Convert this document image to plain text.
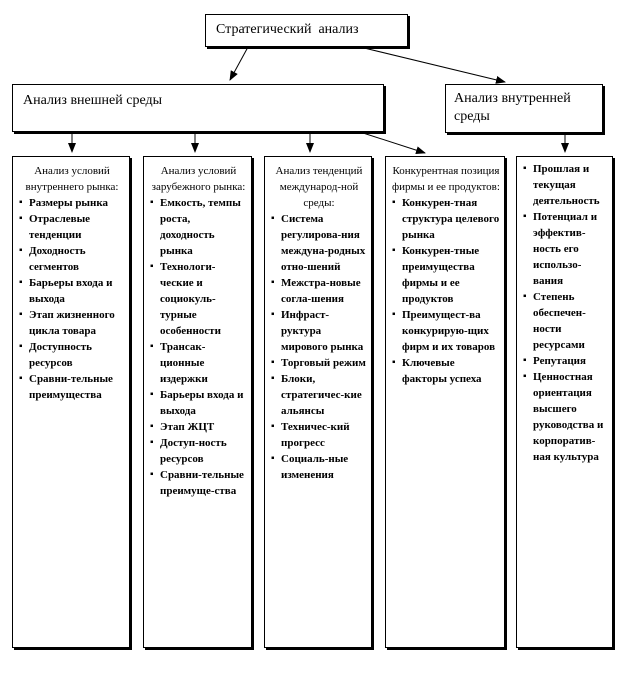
Стратегический  анализ
Анализ внешней среды	Анализ внутренней среды
Анализ условий внутреннего рынка:
▪ Размеры рынка
▪ Отраслевые тенденции
▪ Доходность сегментов
▪ Барьеры входа и выхода
▪ Этап жизненного цикла товара
▪ Доступность ресурсов
▪ Сравни-тельные преимущества
Анализ условий зарубежного рынка:
▪ Емкость, темпы роста, доходность рынка
▪ Технологи-ческие и социокуль-турные особенности
▪ Трансак-ционные издержки
▪ Барьеры входа и выхода
▪ Этап ЖЦТ
▪ Доступ-ность ресурсов
▪ Сравни-тельные преимуще-ства
Анализ тенденций международ-ной среды:
▪ Система регулирова-ния междуна-родных отно-шений
▪ Межстра-новые согла-шения
▪ Инфраст-руктура мирового рынка
▪ Торговый режим
▪ Блоки, стратегичес-кие альянсы
▪ Техничес-кий прогресс
▪ Социаль-ные изменения
Конкурентная позиция фирмы и ее продуктов:
▪ Конкурен-тная структура целевого рынка
▪ Конкурен-тные преимущества фирмы и ее продуктов
▪ Преимущест-ва конкурирую-щих фирм и их товаров
▪ Ключевые факторы успеха
▪ Прошлая и текущая деятельность
▪ Потенциал и эффектив-ность его использо-вания
▪ Степень обеспечен-ности ресурсами
▪ Репутация
▪ Ценностная ориентация высшего руководства и корпоратив-ная культура
